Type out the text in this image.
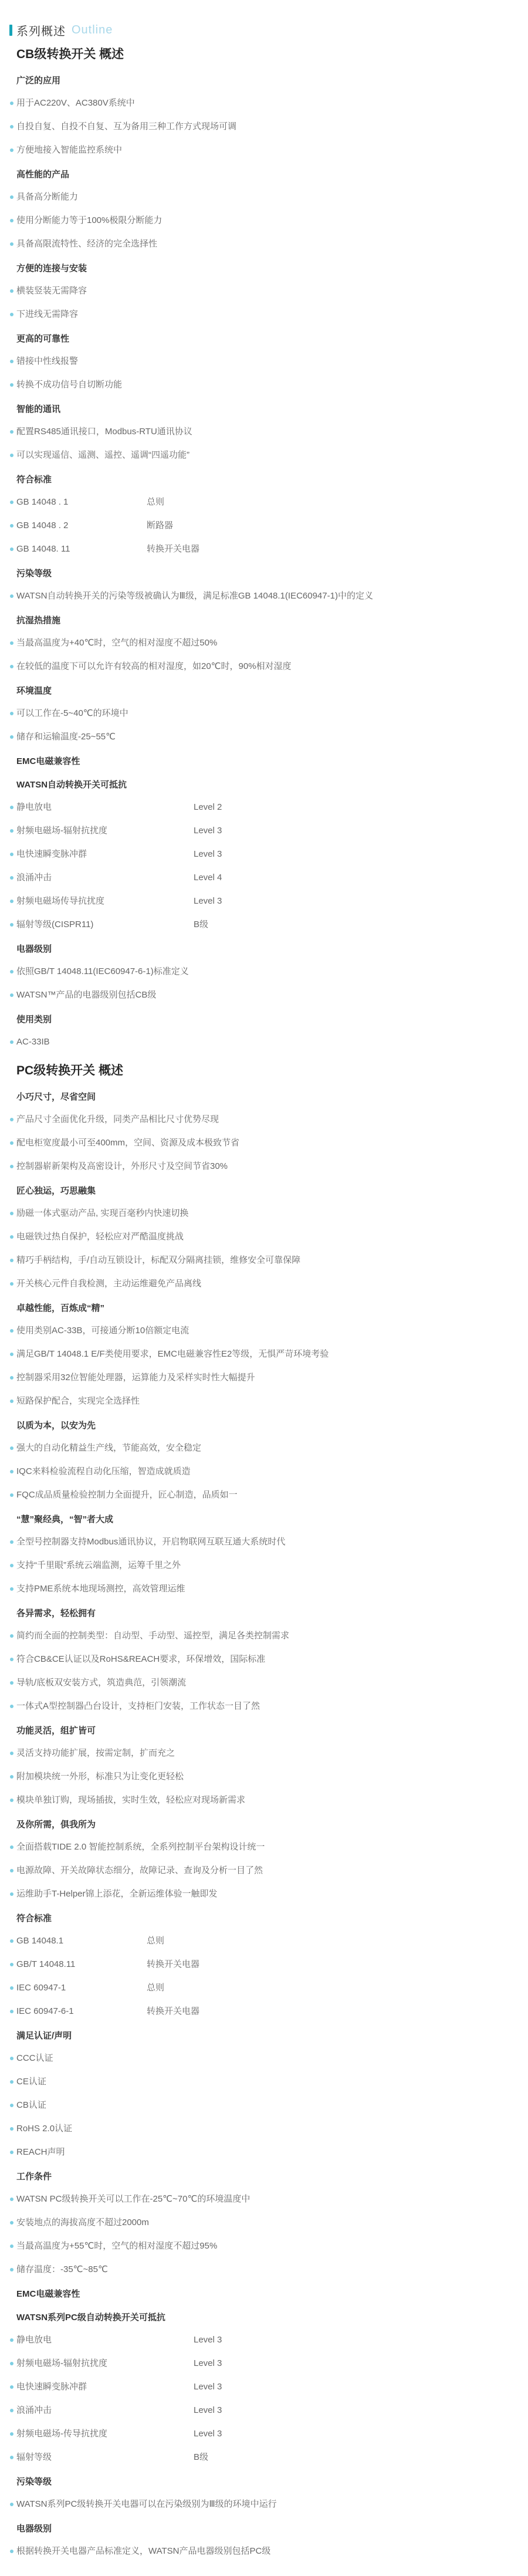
系列概述 Outline
CB级转换开关 概述
广泛的应用
用于AC220V、AC380V系统中
自投自复、自投不自复、互为备用三种工作方式现场可调
方便地接入智能监控系统中
高性能的产品
具备高分断能力
使用分断能力等于100%极限分断能力
具备高限流特性、经济的完全选择性
方便的连接与安装
横装竖装无需降容
下进线无需降容
更高的可靠性
错接中性线报警
转换不成功信号自切断功能
智能的通讯
配置RS485通讯接口，Modbus-RTU通讯协议
可以实现遥信、遥测、遥控、遥调“四遥功能”
符合标准
GB 14048 . 1	总则
GB 14048 . 2	断路器
GB 14048. 11	转换开关电器
污染等级
WATSN自动转换开关的污染等级被确认为Ⅲ级，满足标准GB 14048.1(IEC60947-1)中的定义
抗湿热措施
当最高温度为+40℃时，空气的相对湿度不超过50%
在较低的温度下可以允许有较高的相对湿度，如20℃时，90%相对湿度
环境温度
可以工作在-5~40℃的环境中
储存和运输温度-25~55℃
EMC电磁兼容性
WATSN自动转换开关可抵抗
静电放电	Level 2
射频电磁场-辐射抗扰度	Level 3
电快速瞬变脉冲群	Level 3
浪涌冲击	Level 4
射频电磁场传导抗扰度	Level 3
辐射等级(CISPR11)	B级
电器级别
依照GB/T 14048.11(IEC60947-6-1)标准定义
WATSN™产品的电器级别包括CB级
使用类别
AC-33IB
PC级转换开关 概述
小巧尺寸，尽省空间
产品尺寸全面优化升级，同类产品相比尺寸优势尽现
配电柜宽度最小可至400mm，空间、资源及成本极致节省
控制器崭新架构及高密设计，外形尺寸及空间节省30%
匠心独运，巧思融集
励磁一体式驱动产品, 实现百毫秒内快速切换
电磁铁过热自保护，轻松应对严酷温度挑战
精巧手柄结构，手/自动互锁设计，标配双分隔离挂锁，维修安全可靠保障
开关核心元件自我检测，主动运维避免产品离线
卓越性能，百炼成“精”
使用类别AC-33B，可接通分断10倍额定电流
满足GB/T 14048.1 E/F类使用要求，EMC电磁兼容性E2等级，无惧严苛环境考验
控制器采用32位智能处理器，运算能力及采样实时性大幅提升
短路保护配合，实现完全选择性
以质为本，以安为先
强大的自动化精益生产线，节能高效，安全稳定
IQC来料检验流程自动化压缩，智造成就质造
FQC成品质量检验控制力全面提升，匠心制造，品质如一
“慧”聚经典，“智”者大成
全型号控制器支持Modbus通讯协议，开启物联网互联互通大系统时代
支持“千里眼”系统云端监测，运筹千里之外
支持PME系统本地现场测控，高效管理运维
各异需求，轻松拥有
简约而全面的控制类型：自动型、手动型、遥控型，满足各类控制需求
符合CB&CE认证以及RoHS&REACH要求，环保增效，国际标准
导轨/底板双安装方式，筑造典范，引领潮流
一体式A型控制器凸台设计，支持柜门安装，工作状态一目了然
功能灵活，组扩皆可
灵活支持功能扩展，按需定制，扩而充之
附加模块统一外形，标准只为让变化更轻松
模块单独订购，现场插拔，实时生效，轻松应对现场新需求
及你所需，俱我所为
全面搭载TIDE 2.0 智能控制系统，全系列控制平台架构设计统一
电源故障、开关故障状态细分，故障记录、查询及分析一目了然
运维助手T-Helper锦上添花，全新运维体验一触即发
符合标准
GB 14048.1	总则
GB/T 14048.11	转换开关电器
IEC 60947-1	总则
IEC 60947-6-1	转换开关电器
满足认证/声明
CCC认证
CE认证
CB认证
RoHS 2.0认证
REACH声明
工作条件
WATSN PC级转换开关可以工作在-25℃~70℃的环境温度中
安装地点的海拔高度不超过2000m
当最高温度为+55℃时，空气的相对湿度不超过95%
储存温度：-35℃~85℃
EMC电磁兼容性
WATSN系列PC级自动转换开关可抵抗
静电放电	Level 3
射频电磁场-辐射抗扰度	Level 3
电快速瞬变脉冲群	Level 3
浪涌冲击	Level 3
射频电磁场-传导抗扰度	Level 3
辐射等级	B级
污染等级
WATSN系列PC级转换开关电器可以在污染级别为Ⅲ级的环境中运行
电器级别
根据转换开关电器产品标准定义，WATSN产品电器级别包括PC级
